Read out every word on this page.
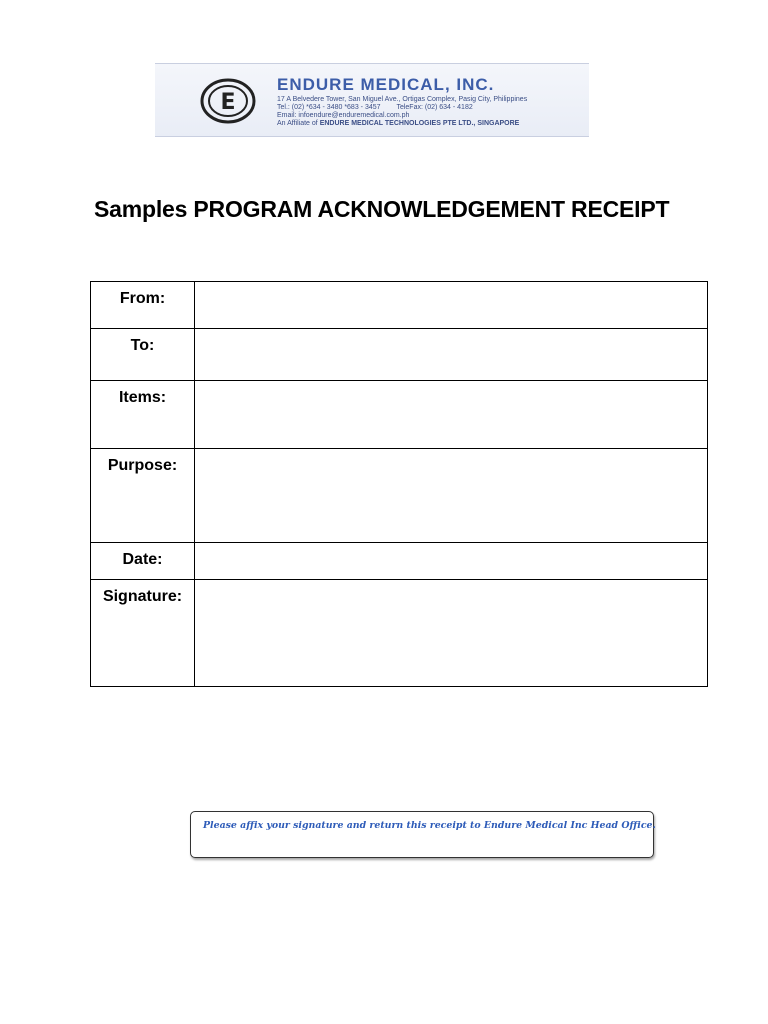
E
ENDURE MEDICAL, INC.
17 A Belvedere Tower, San Miguel Ave., Ortigas Complex, Pasig City, Philippines
Tel.: (02) *634 - 3480 *683 - 3457 TeleFax: (02) 634 - 4182
Email: infoendure@enduremedical.com.ph
An Affiliate of ENDURE MEDICAL TECHNOLOGIES PTE LTD., SINGAPORE
Samples PROGRAM ACKNOWLEDGEMENT RECEIPT
From:	
To:	
Items:	
Purpose:	
Date:	
Signature:	
Please affix your signature and return this receipt to Endure Medical Inc Head Office.
